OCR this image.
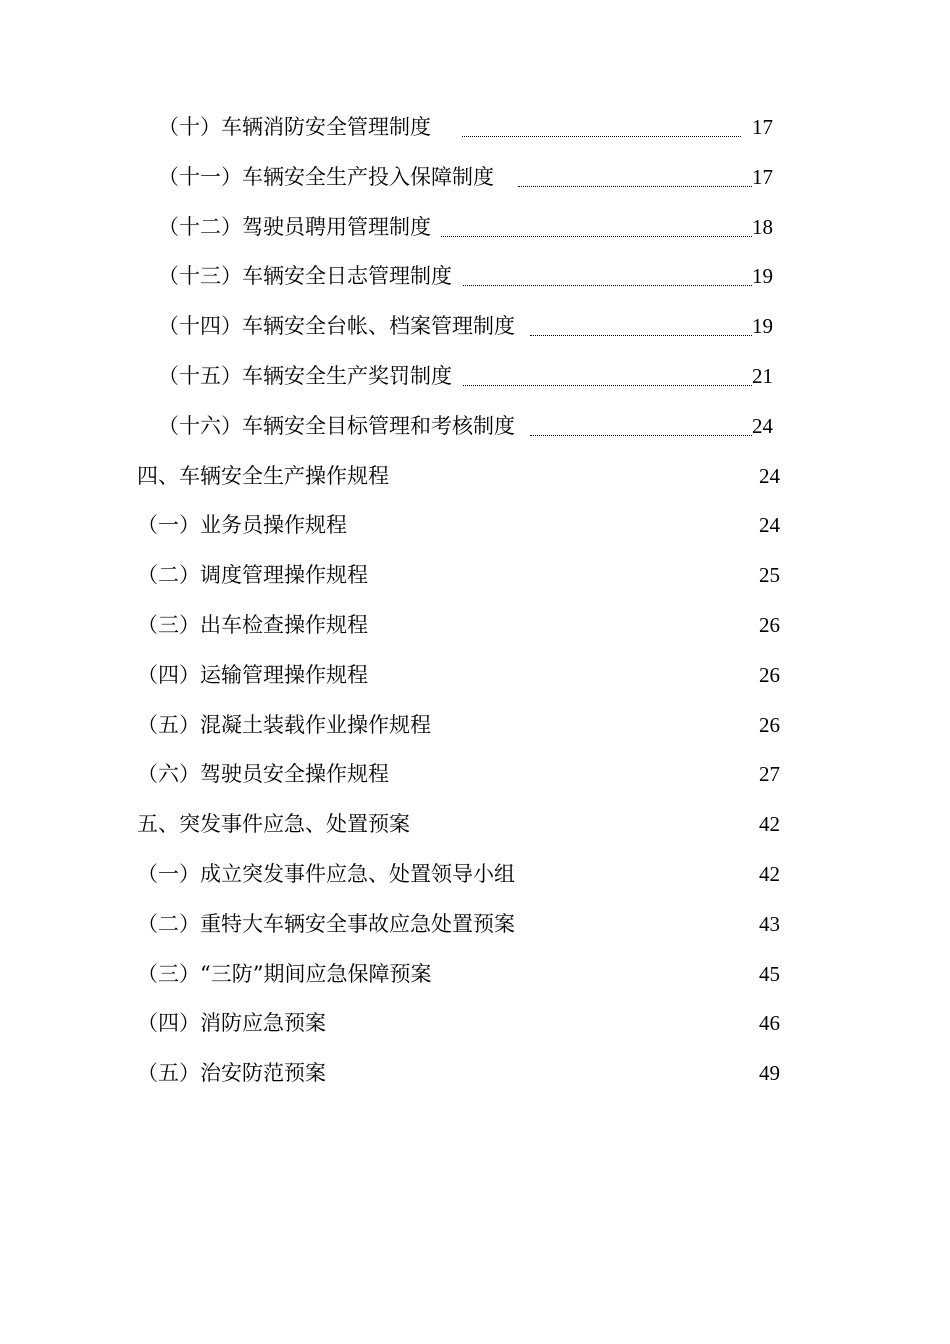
（十）车辆消防安全管理制度	17
（十一）车辆安全生产投入保障制度	17
（十二）驾驶员聘用管理制度	18
（十三）车辆安全日志管理制度	19
（十四）车辆安全台帐、档案管理制度	19
（十五）车辆安全生产奖罚制度	21
（十六）车辆安全目标管理和考核制度	24
四、车辆安全生产操作规程	24
（一）业务员操作规程	24
（二）调度管理操作规程	25
（三）出车检查操作规程	26
（四）运输管理操作规程	26
（五）混凝土装载作业操作规程	26
（六）驾驶员安全操作规程	27
五、突发事件应急、处置预案	42
（一）成立突发事件应急、处置领导小组	42
（二）重特大车辆安全事故应急处置预案	43
（三）“三防”期间应急保障预案	45
（四）消防应急预案	46
（五）治安防范预案	49
